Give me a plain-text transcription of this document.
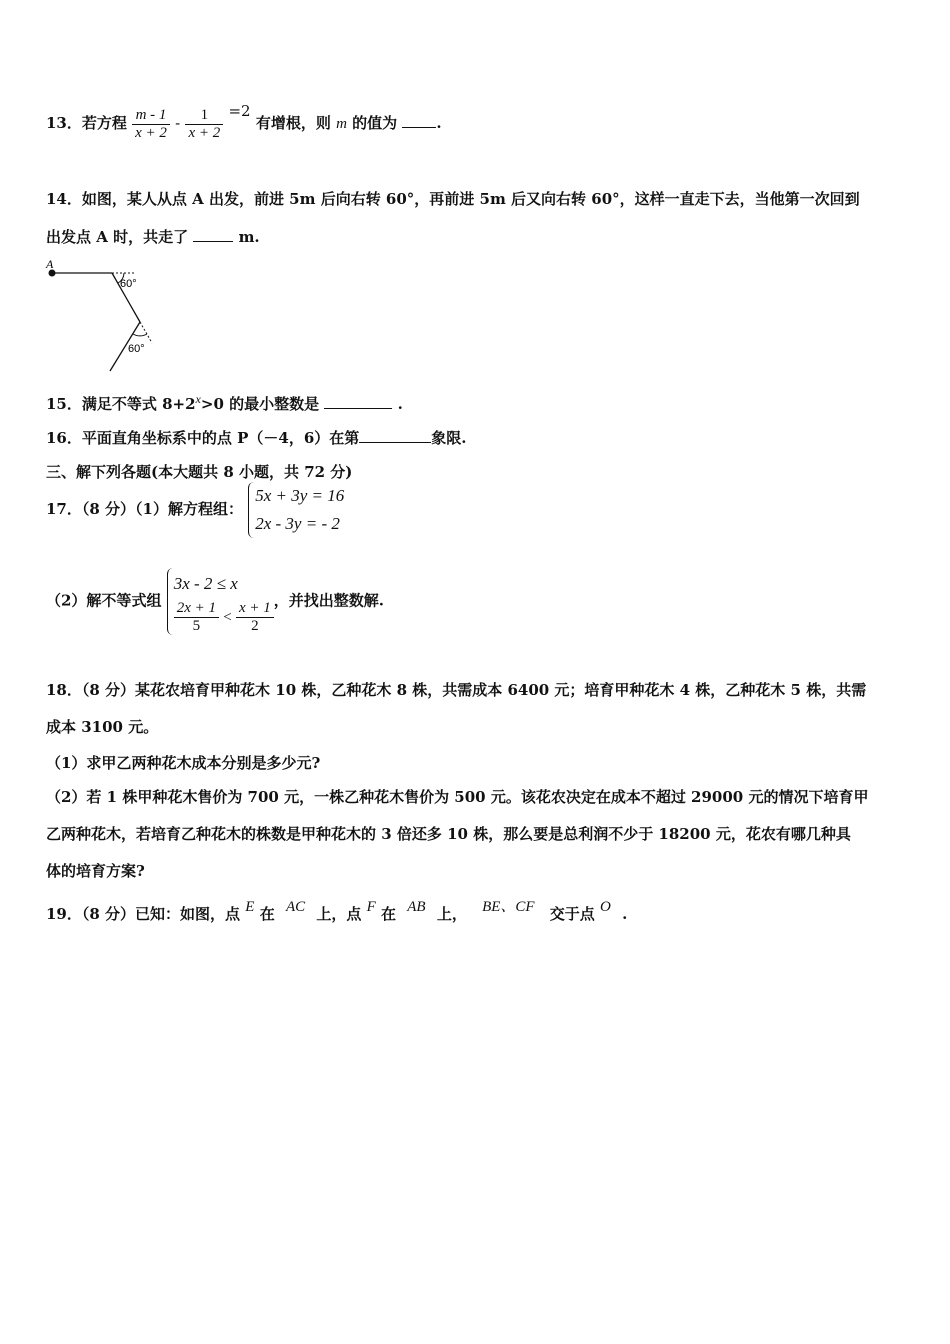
13．若方程 $\frac{m - 1}{x + 2} - \frac{1}{x + 2} =2$ 有增根，则 m 的值为	.
14．如图，某人从点 A 出发，前进 5m 后向右转 60°，再前进 5m 后又向右转 60°，这样一直走下去，当他第一次回到
出发点 A 时，共走了	m.
A
60°
60°
15．满足不等式 $8+2^x>0$ 的最小整数是	.
16．平面直角坐标系中的点 P（－4，6）在第	象限.
三、解下列各题(本大题共 8 小题，共 72 分)
17．（8 分）（1）解方程组：
5x + 3y = 16
2x - 3y = - 2
（2）解不等式组
3x - 2 ≤ x
$\frac{2x + 1}{5} < \frac{x + 1}{2}$ ，并找出整数解.
18．（8 分）某花农培育甲种花木 10 株，乙种花木 8 株，共需成本 6400 元；培育甲种花木 4 株，乙种花木 5 株，共需
成本 3100 元。
（1）求甲乙两种花木成本分别是多少元?
（2）若 1 株甲种花木售价为 700 元，一株乙种花木售价为 500 元。该花农决定在成本不超过 29000 元的情况下培育甲
乙两种花木，若培育乙种花木的株数是甲种花木的 3 倍还多 10 株，那么要是总利润不少于 18200 元，花农有哪几种具
体的培育方案?
19．（8 分）已知：如图，点 E 在 AC 上，点 F 在 AB 上， BE、CF 交于点 O .
